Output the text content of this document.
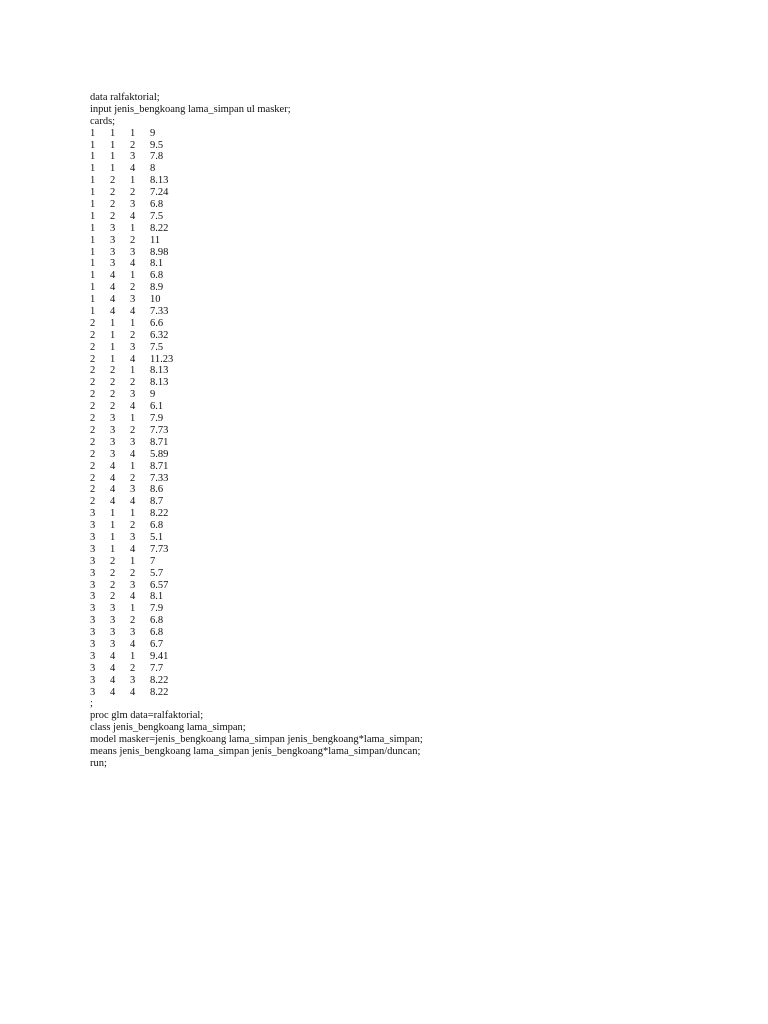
data ralfaktorial;
input jenis_bengkoang lama_simpan ul masker;
cards;
1	1	1	9
1	1	2	9.5
1	1	3	7.8
1	1	4	8
1	2	1	8.13
1	2	2	7.24
1	2	3	6.8
1	2	4	7.5
1	3	1	8.22
1	3	2	11
1	3	3	8.98
1	3	4	8.1
1	4	1	6.8
1	4	2	8.9
1	4	3	10
1	4	4	7.33
2	1	1	6.6
2	1	2	6.32
2	1	3	7.5
2	1	4	11.23
2	2	1	8.13
2	2	2	8.13
2	2	3	9
2	2	4	6.1
2	3	1	7.9
2	3	2	7.73
2	3	3	8.71
2	3	4	5.89
2	4	1	8.71
2	4	2	7.33
2	4	3	8.6
2	4	4	8.7
3	1	1	8.22
3	1	2	6.8
3	1	3	5.1
3	1	4	7.73
3	2	1	7
3	2	2	5.7
3	2	3	6.57
3	2	4	8.1
3	3	1	7.9
3	3	2	6.8
3	3	3	6.8
3	3	4	6.7
3	4	1	9.41
3	4	2	7.7
3	4	3	8.22
3	4	4	8.22
;
proc glm data=ralfaktorial;
class jenis_bengkoang lama_simpan;
model masker=jenis_bengkoang lama_simpan jenis_bengkoang*lama_simpan;
means jenis_bengkoang lama_simpan jenis_bengkoang*lama_simpan/duncan;
run;
